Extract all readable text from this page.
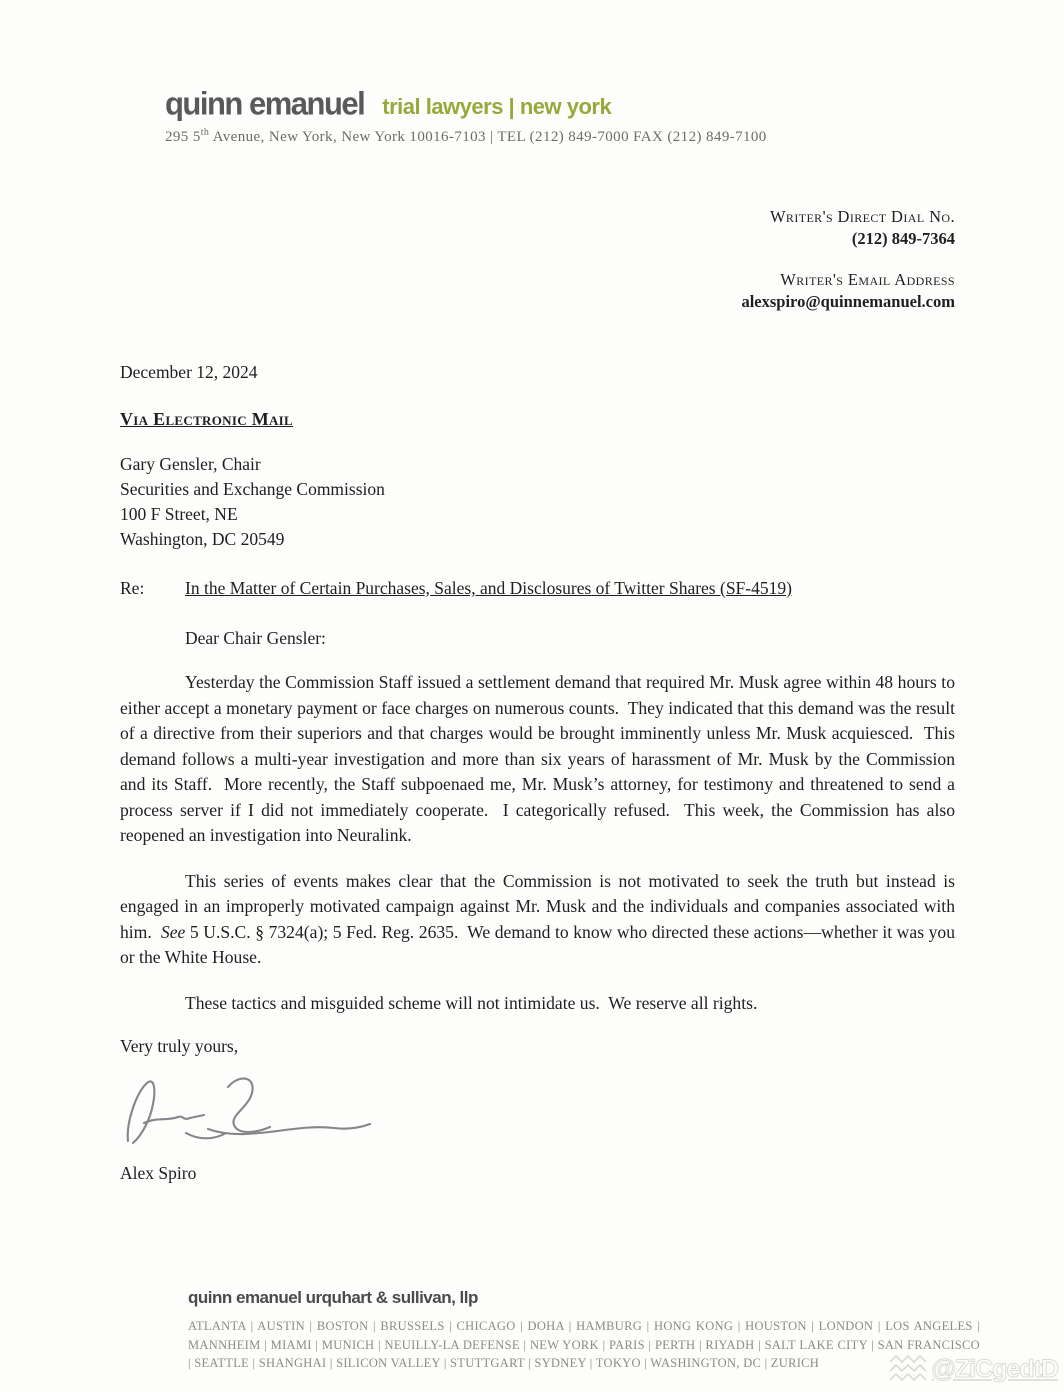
quinn emanuel trial lawyers | new york
295 5th Avenue, New York, New York 10016-7103 | TEL (212) 849-7000 FAX (212) 849-7100
Writer's Direct Dial No.
(212) 849-7364
Writer's Email Address
alexspiro@quinnemanuel.com
December 12, 2024
Via Electronic Mail
Gary Gensler, Chair
Securities and Exchange Commission
100 F Street, NE
Washington, DC 20549
Re:	In the Matter of Certain Purchases, Sales, and Disclosures of Twitter Shares (SF-4519)
Dear Chair Gensler:

Yesterday the Commission Staff issued a settlement demand that required Mr. Musk agree within 48 hours to either accept a monetary payment or face charges on numerous counts.  They indicated that this demand was the result of a directive from their superiors and that charges would be brought imminently unless Mr. Musk acquiesced.  This demand follows a multi-year investigation and more than six years of harassment of Mr. Musk by the Commission and its Staff.  More recently, the Staff subpoenaed me, Mr. Musk’s attorney, for testimony and threatened to send a process server if I did not immediately cooperate.  I categorically refused.  This week, the Commission has also reopened an investigation into Neuralink.

This series of events makes clear that the Commission is not motivated to seek the truth but instead is engaged in an improperly motivated campaign against Mr. Musk and the individuals and companies associated with him.  See 5 U.S.C. § 7324(a); 5 Fed. Reg. 2635.  We demand to know who directed these actions—whether it was you or the White House.

These tactics and misguided scheme will not intimidate us.  We reserve all rights.

Very truly yours,
Alex Spiro
quinn emanuel urquhart & sullivan, llp
ATLANTA | AUSTIN | BOSTON | BRUSSELS | CHICAGO | DOHA | HAMBURG | HONG KONG | HOUSTON | LONDON | LOS ANGELES | MANNHEIM | MIAMI | MUNICH | NEUILLY-LA DEFENSE | NEW YORK | PARIS | PERTH | RIYADH | SALT LAKE CITY | SAN FRANCISCO | SEATTLE | SHANGHAI | SILICON VALLEY | STUTTGART | SYDNEY | TOKYO | WASHINGTON, DC | ZURICH	@ZiCgedtD
